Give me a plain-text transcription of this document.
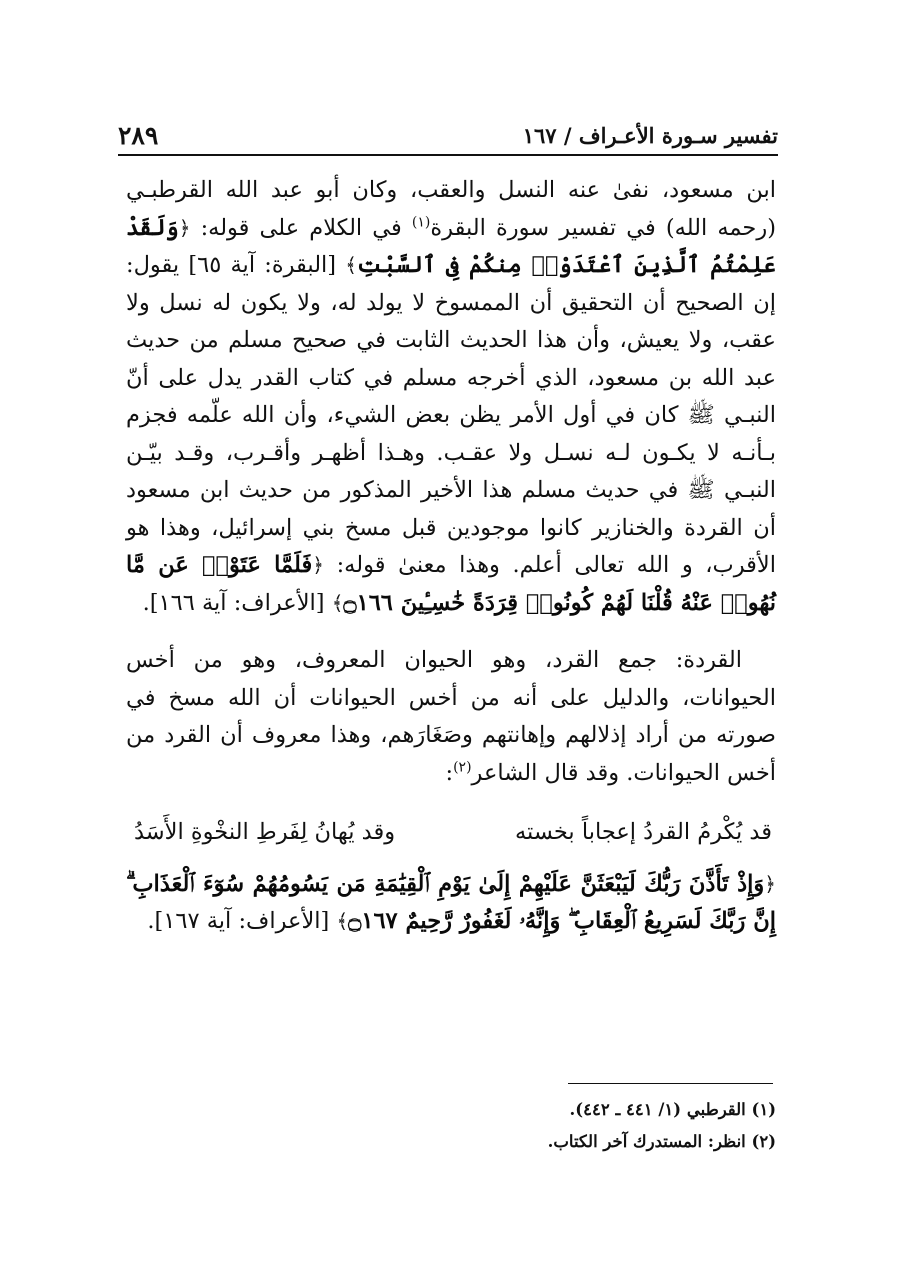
تفسير سـورة الأعـراف / ١٦٧
٢٨٩

ابن مسعود، نفىٰ عنه النسل والعقب، وكان أبو عبد الله القرطبـي (رحمه الله) في تفسير سورة البقرة$^{(١)}$ في الكلام على قوله: ﴿وَلَقَدْ عَلِمْتُمُ ٱلَّذِينَ ٱعْتَدَوْا۟ مِنكُمْ فِى ٱلسَّبْتِ﴾ [البقرة: آية ٦٥] يقول: إن الصحيح أن التحقيق أن الممسوخ لا يولد له، ولا يكون له نسل ولا عقب، ولا يعيش، وأن هذا الحديث الثابت في صحيح مسلم من حديث عبد الله بن مسعود، الذي أخرجه مسلم في كتاب القدر يدل على أنّ النبـي ﷺ كان في أول الأمر يظن بعض الشيء، وأن الله علّمه فجزم بـأنـه لا يكـون لـه نسـل ولا عقـب. وهـذا أظهـر وأقـرب، وقـد بيّـن النبـي ﷺ في حديث مسلم هذا الأخير المذكور من حديث ابن مسعود أن القردة والخنازير كانوا موجودين قبل مسخ بني إسرائيل، وهذا هو الأقرب، و الله تعالى أعلم. وهذا معنىٰ قوله: ﴿فَلَمَّا عَتَوْا۟ عَن مَّا نُهُوا۟ عَنْهُ قُلْنَا لَهُمْ كُونُوا۟ قِرَدَةً خَٰسِـِٔينَ ۝١٦٦﴾ [الأعراف: آية ١٦٦].

القردة: جمع القرد، وهو الحيوان المعروف، وهو من أخس الحيوانات، والدليل على أنه من أخس الحيوانات أن الله مسخ في صورته من أراد إذلالهم وإهانتهم وصَغَارَهم، وهذا معروف أن القرد من أخس الحيوانات. وقد قال الشاعر$^{(٢)}$:

قد يُكْرمُ القردُ إعجاباً بخسته
وقد يُهانُ لِفَرطِ النخْوةِ الأَسَدُ

﴿وَإِذْ تَأَذَّنَ رَبُّكَ لَيَبْعَثَنَّ عَلَيْهِمْ إِلَىٰ يَوْمِ ٱلْقِيَٰمَةِ مَن يَسُومُهُمْ سُوٓءَ ٱلْعَذَابِ ۗ إِنَّ رَبَّكَ لَسَرِيعُ ٱلْعِقَابِ ۖ وَإِنَّهُۥ لَغَفُورٌ رَّحِيمٌ ۝١٦٧﴾ [الأعراف: آية ١٦٧].

(١) القرطبي (١/ ٤٤١ ـ ٤٤٢).

(٢) انظر: المستدرك آخر الكتاب.
